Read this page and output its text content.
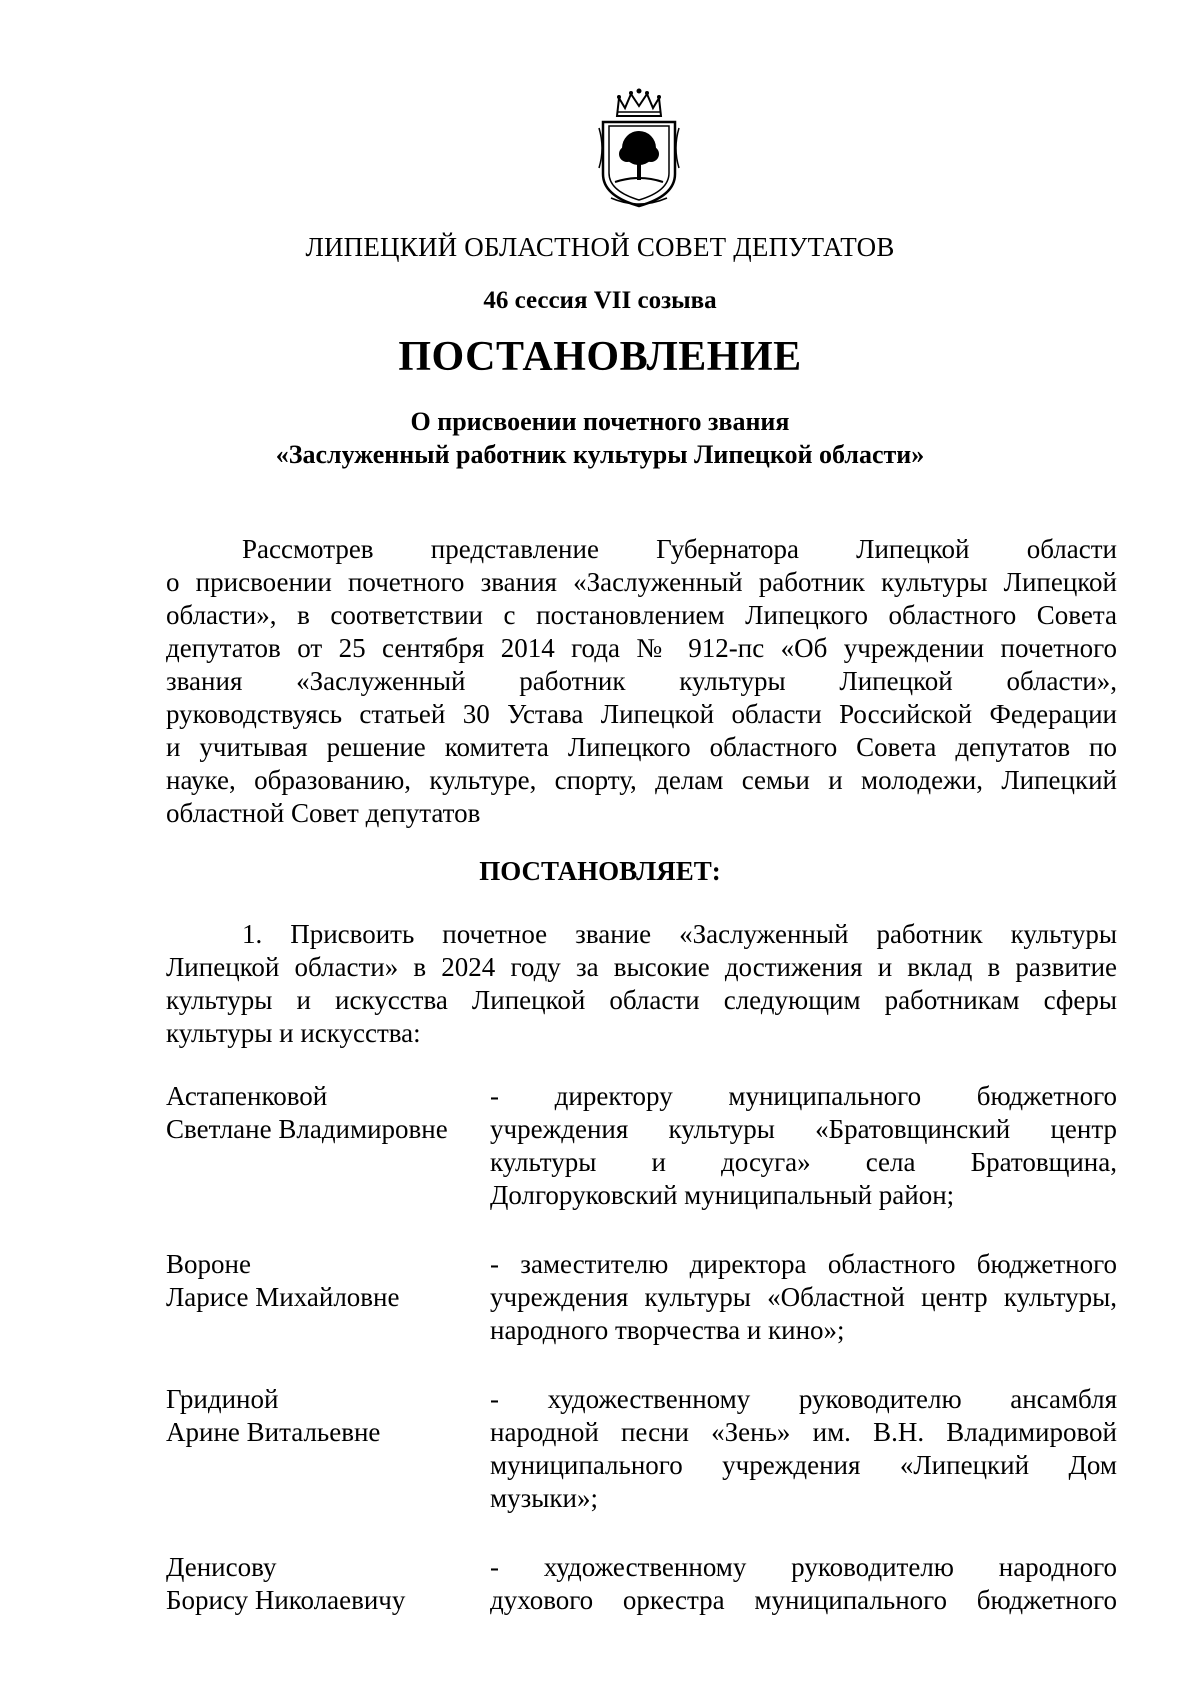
ЛИПЕЦКИЙ ОБЛАСТНОЙ СОВЕТ ДЕПУТАТОВ
46 сессия VII созыва
ПОСТАНОВЛЕНИЕ
О присвоении почетного звания
«Заслуженный работник культуры Липецкой области»
Рассмотрев представление Губернатора Липецкой области
о присвоении почетного звания «Заслуженный работник культуры Липецкой
области», в соответствии с постановлением Липецкого областного Совета
депутатов от 25 сентября 2014 года № 912-пс «Об учреждении почетного
звания «Заслуженный работник культуры Липецкой области»,
руководствуясь статьей 30 Устава Липецкой области Российской Федерации
и учитывая решение комитета Липецкого областного Совета депутатов по
науке, образованию, культуре, спорту, делам семьи и молодежи, Липецкий
областной Совет депутатов
ПОСТАНОВЛЯЕТ:
1. Присвоить почетное звание «Заслуженный работник культуры
Липецкой области» в 2024 году за высокие достижения и вклад в развитие
культуры и искусства Липецкой области следующим работникам сферы
культуры и искусства:
Астапенковой
Светлане Владимировне
- директору муниципального бюджетного
учреждения культуры «Братовщинский центр
культуры и досуга» села Братовщина,
Долгоруковский муниципальный район;
Вороне
Ларисе Михайловне
- заместителю директора областного бюджетного
учреждения культуры «Областной центр культуры,
народного творчества и кино»;
Гридиной
Арине Витальевне
- художественному руководителю ансамбля
народной песни «Зень» им. В.Н. Владимировой
муниципального учреждения «Липецкий Дом
музыки»;
Денисову
Борису Николаевичу
- художественному руководителю народного
духового оркестра муниципального бюджетного
